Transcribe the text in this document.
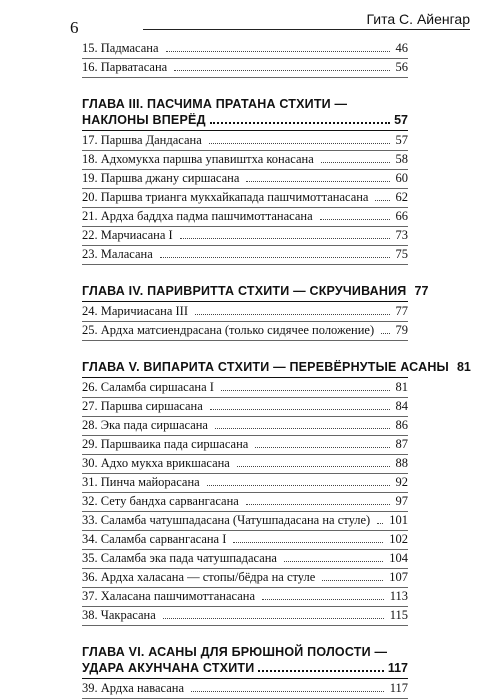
6	Гита С. Айенгар
15. Падмасана	46
16. Парватасана	56
ГЛАВА III. ПАСЧИМА ПРАТАНА СТХИТИ —
НАКЛОНЫ ВПЕРЁД	57
17. Паршва Дандасана	57
18. Адхомукха паршва упавиштха конасана	58
19. Паршва джану сиршасана	60
20. Паршва трианга мукхайкапада пашчимоттанасана 62
21. Ардха баддха падма пашчимоттанасана	66
22. Марчиасана I	73
23. Маласана	75
ГЛАВА IV. ПАРИВРИТТА СТХИТИ — СКРУЧИВАНИЯ 77
24. Маричиасана III	77
25. Ардха матсиендрасана (только сидячее положение) 79
ГЛАВА V. ВИПАРИТА СТХИТИ — ПЕРЕВЁРНУТЫЕ АСАНЫ 81
26. Саламба сиршасана I	81
27. Паршва сиршасана	84
28. Эка пада сиршасана	86
29. Паршвaика пада сиршасана	87
30. Адхо мукха врикшасана	88
31. Пинча майорасана	92
32. Сету бандха сарвангасана	97
33. Саламба чатушпадасана (Чатушпадасана на стуле) 101
34. Саламба сарвангасана I	102
35. Саламба эка пада чатушпадасана	104
36. Ардха халасана — стопы/бёдра на стуле	107
37. Халасана пашчимоттанасана	113
38. Чакрасана	115
ГЛАВА VI. АСАНЫ ДЛЯ БРЮШНОЙ ПОЛОСТИ —
УДАРА АКУНЧАНА СТХИТИ	117
39. Ардха навасана	117
